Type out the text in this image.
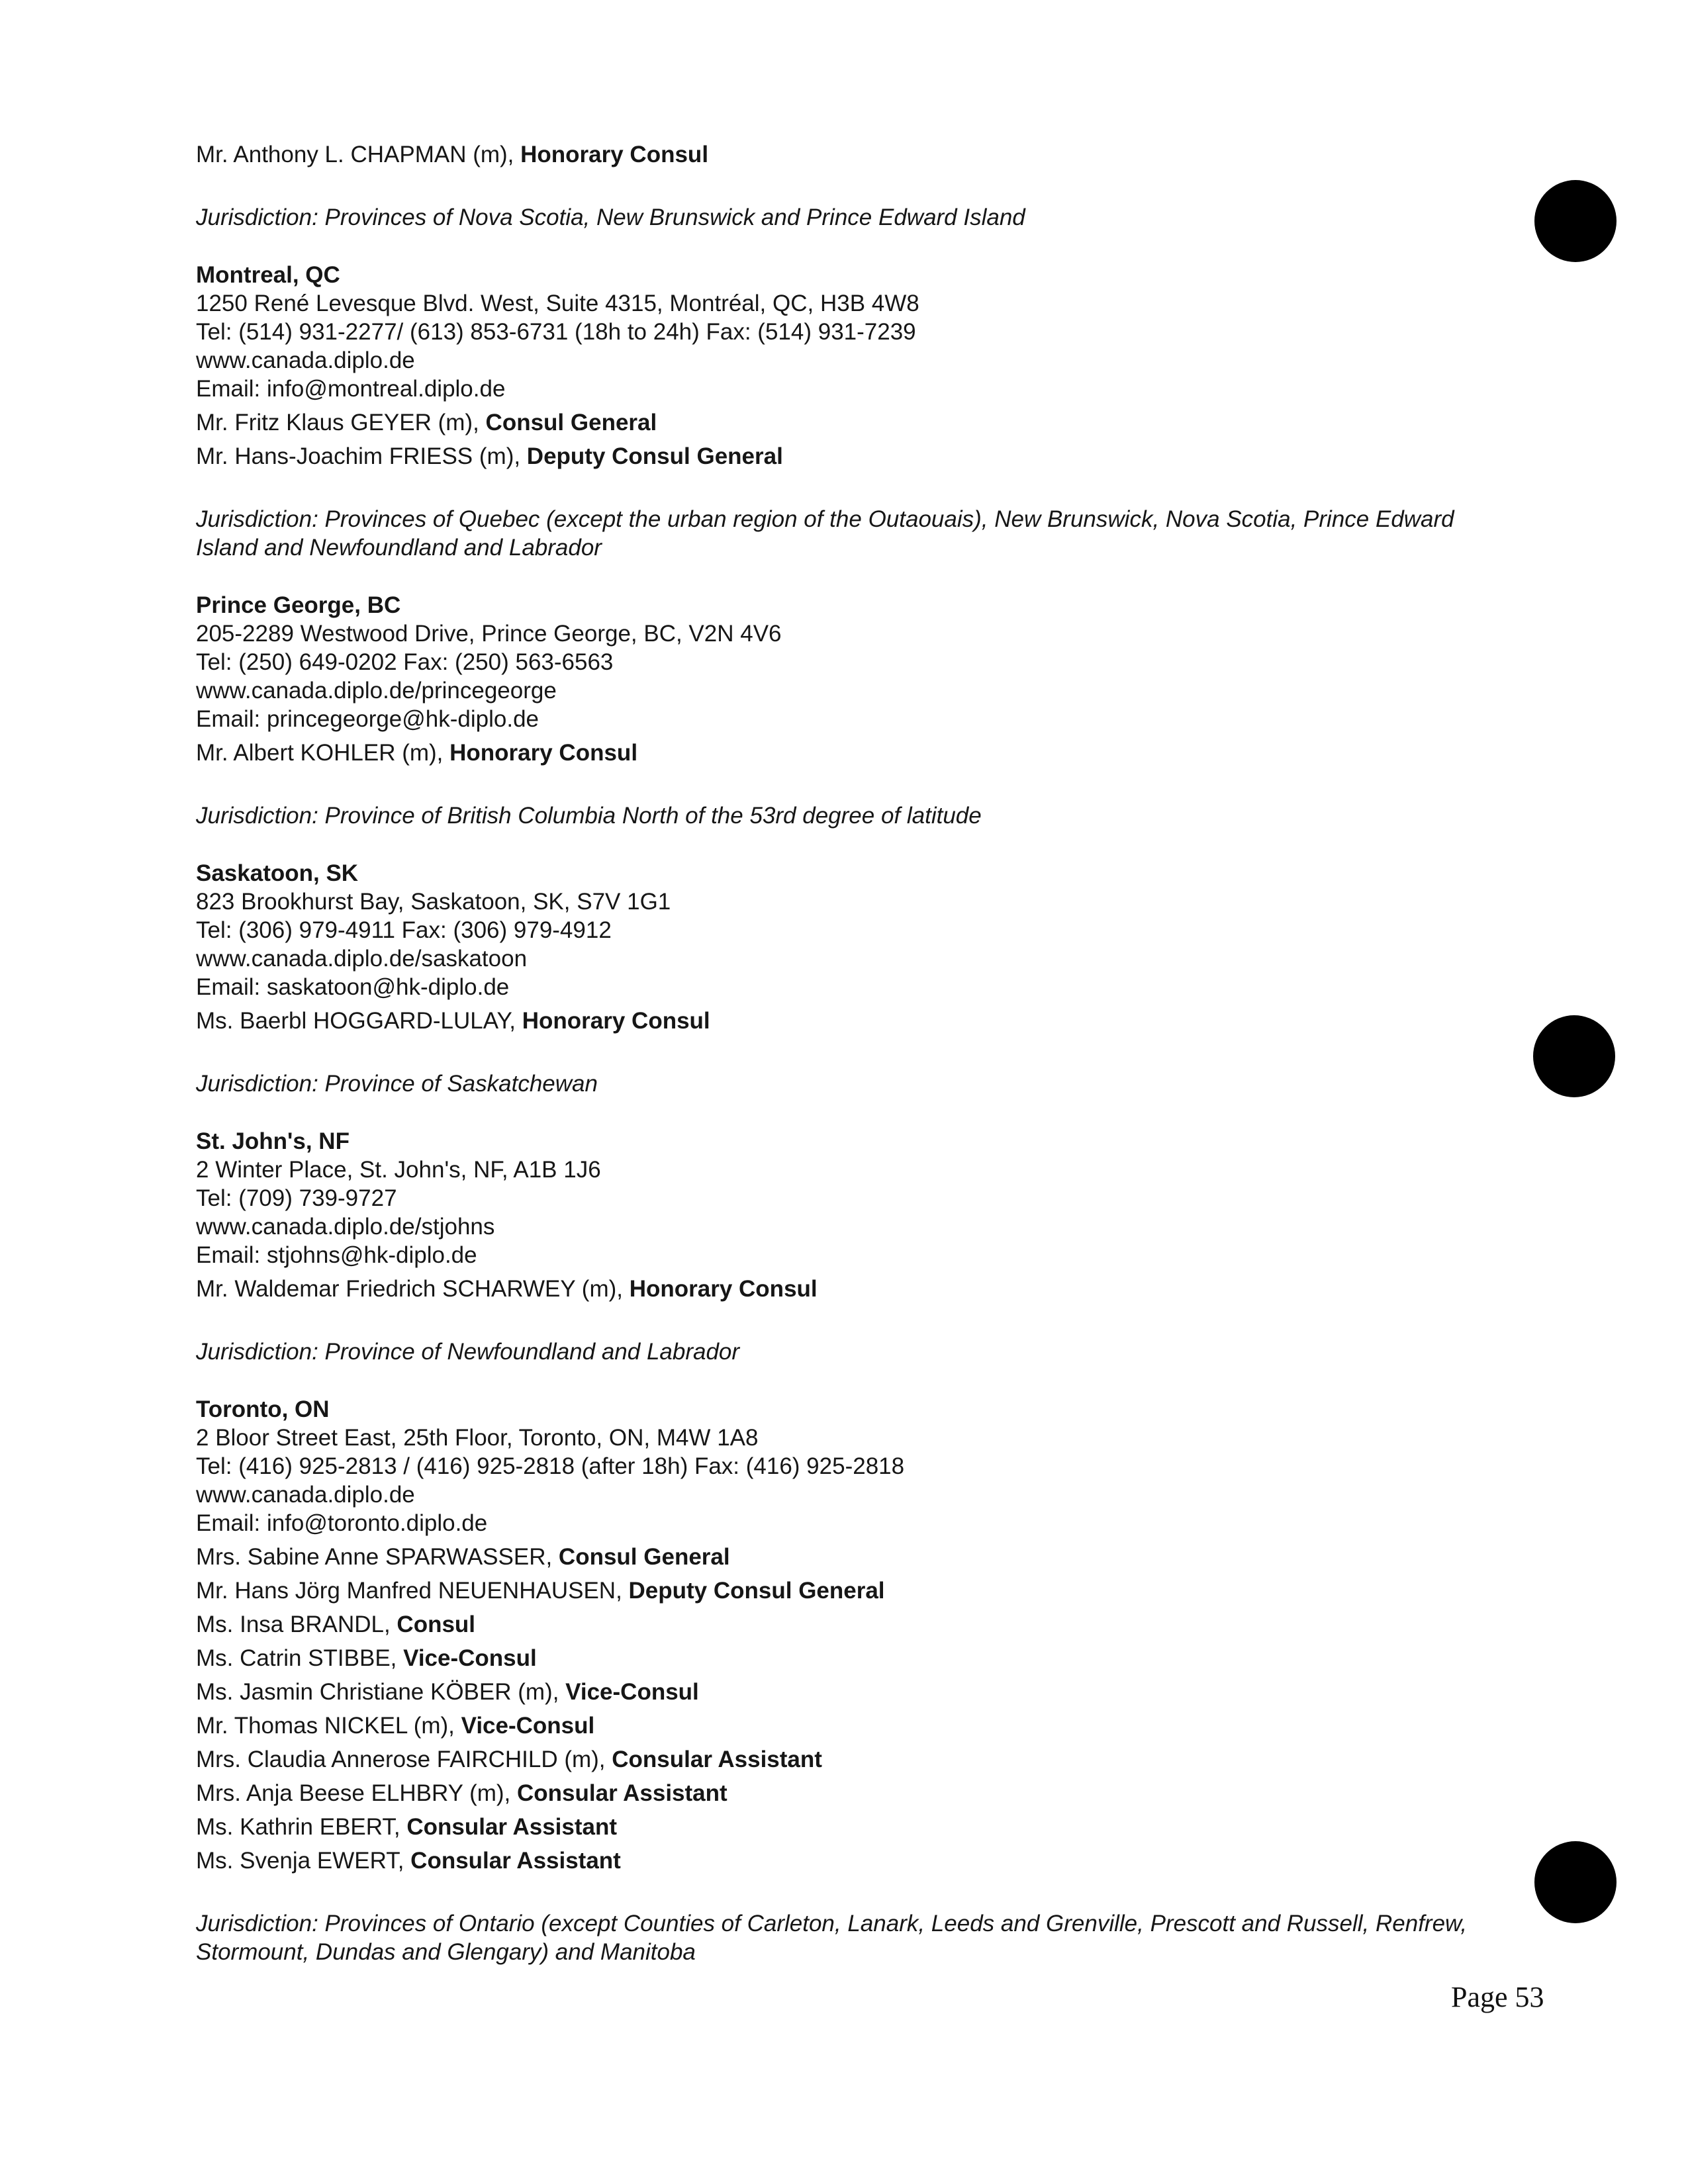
Mr. Anthony L. CHAPMAN (m), Honorary Consul
Jurisdiction: Provinces of Nova Scotia, New Brunswick and Prince Edward Island
Montreal, QC
1250 René Levesque Blvd. West, Suite 4315, Montréal, QC, H3B 4W8
Tel: (514) 931-2277/ (613) 853-6731 (18h to 24h) Fax: (514) 931-7239
www.canada.diplo.de
Email: info@montreal.diplo.de
Mr. Fritz Klaus GEYER (m), Consul General
Mr. Hans-Joachim FRIESS (m), Deputy Consul General
Jurisdiction: Provinces of Quebec (except the urban region of the Outaouais), New Brunswick, Nova Scotia, Prince Edward Island and Newfoundland and Labrador
Prince George, BC
205-2289 Westwood Drive, Prince George, BC, V2N 4V6
Tel: (250) 649-0202 Fax: (250) 563-6563
www.canada.diplo.de/princegeorge
Email: princegeorge@hk-diplo.de
Mr. Albert KOHLER (m), Honorary Consul
Jurisdiction: Province of British Columbia North of the 53rd degree of latitude
Saskatoon, SK
823 Brookhurst Bay, Saskatoon, SK, S7V 1G1
Tel: (306) 979-4911 Fax: (306) 979-4912
www.canada.diplo.de/saskatoon
Email: saskatoon@hk-diplo.de
Ms. Baerbl HOGGARD-LULAY, Honorary Consul
Jurisdiction: Province of Saskatchewan
St. John's, NF
2 Winter Place, St. John's, NF, A1B 1J6
Tel: (709) 739-9727
www.canada.diplo.de/stjohns
Email: stjohns@hk-diplo.de
Mr. Waldemar Friedrich SCHARWEY (m), Honorary Consul
Jurisdiction: Province of Newfoundland and Labrador
Toronto, ON
2 Bloor Street East, 25th Floor, Toronto, ON, M4W 1A8
Tel: (416) 925-2813 / (416) 925-2818 (after 18h) Fax: (416) 925-2818
www.canada.diplo.de
Email: info@toronto.diplo.de
Mrs. Sabine Anne SPARWASSER, Consul General
Mr. Hans Jörg Manfred NEUENHAUSEN, Deputy Consul General
Ms. Insa BRANDL, Consul
Ms. Catrin STIBBE, Vice-Consul
Ms. Jasmin Christiane KÖBER (m), Vice-Consul
Mr. Thomas NICKEL (m), Vice-Consul
Mrs. Claudia Annerose FAIRCHILD (m), Consular Assistant
Mrs. Anja Beese ELHBRY (m), Consular Assistant
Ms. Kathrin EBERT, Consular Assistant
Ms. Svenja EWERT, Consular Assistant
Jurisdiction: Provinces of Ontario (except Counties of Carleton, Lanark, Leeds and Grenville, Prescott and Russell, Renfrew, Stormount, Dundas and Glengary) and Manitoba
Page 53
